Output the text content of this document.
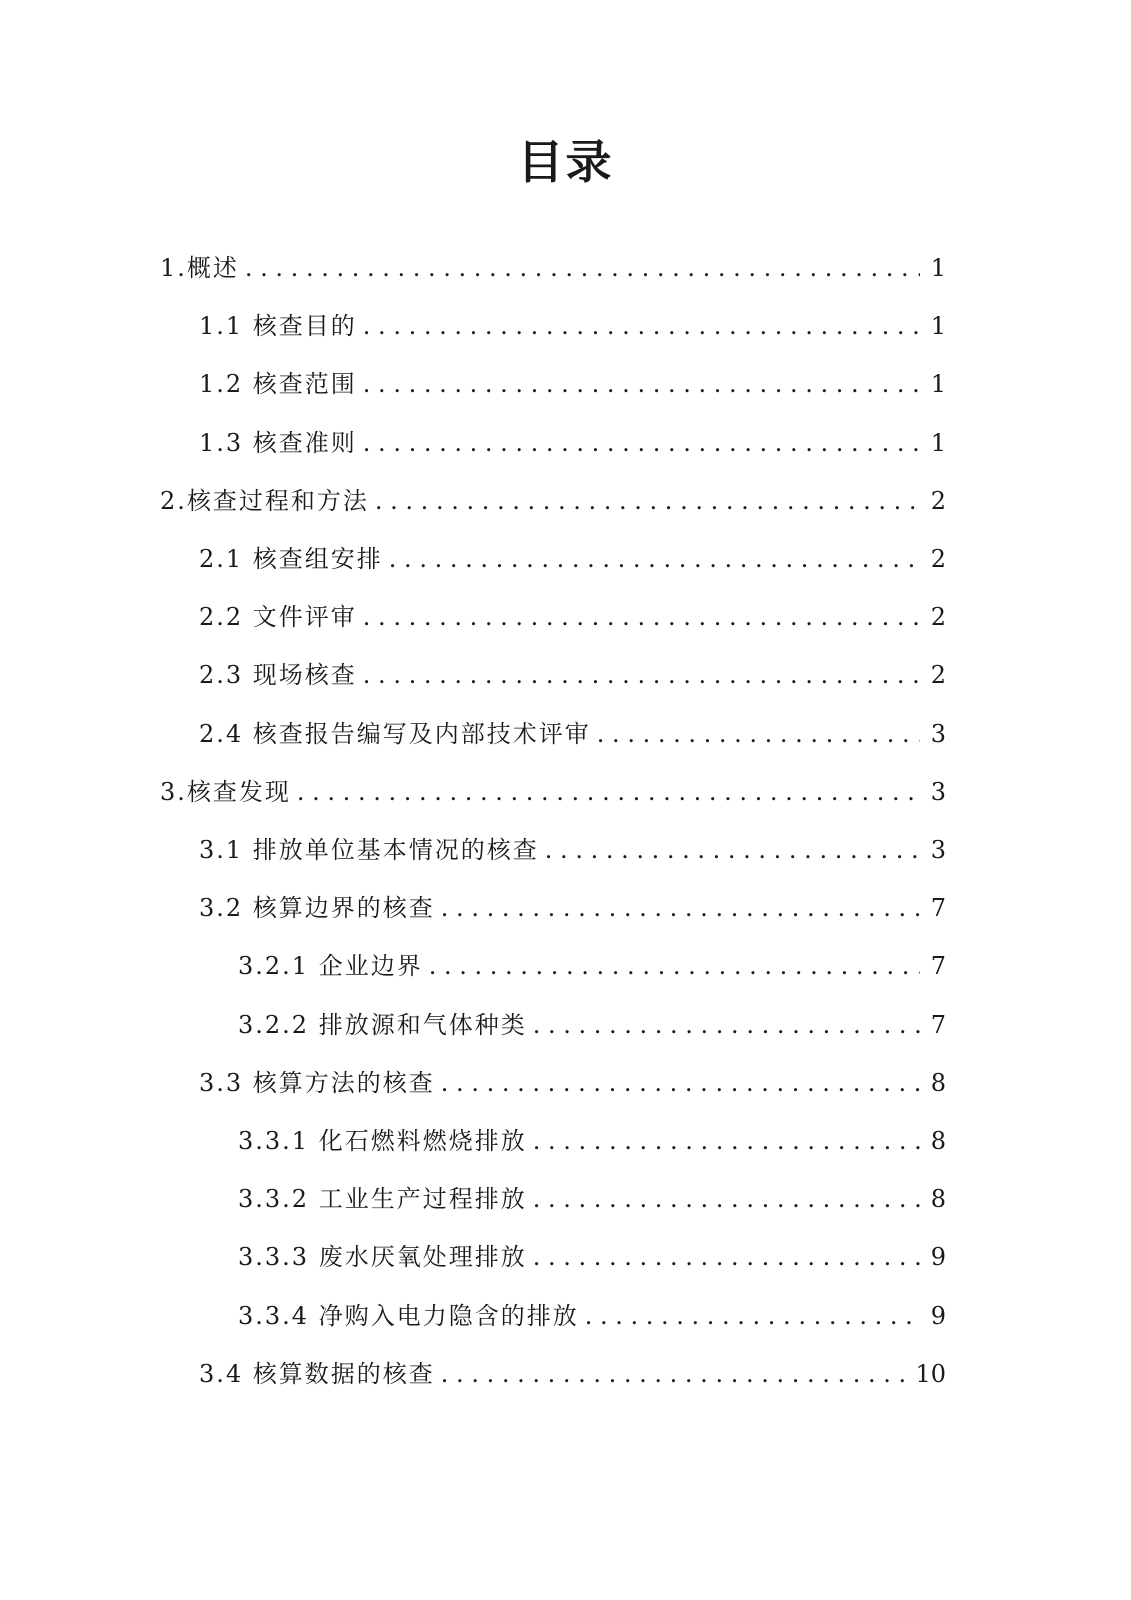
目录
1.概述 . . .	1
1.1 核查目的 . . .	1
1.2 核查范围 . . .	1
1.3 核查准则 . . .	1
2.核查过程和方法 . . .	2
2.1 核查组安排 . . .	2
2.2 文件评审 . . .	2
2.3 现场核查 . . .	2
2.4 核查报告编写及内部技术评审 . . .	3
3.核查发现 . . .	3
3.1 排放单位基本情况的核查 . . .	3
3.2 核算边界的核查 . . .	7
3.2.1 企业边界 . . .	7
3.2.2 排放源和气体种类 . . .	7
3.3 核算方法的核查 . . .	8
3.3.1 化石燃料燃烧排放 . . .	8
3.3.2 工业生产过程排放 . . .	8
3.3.3 废水厌氧处理排放 . . .	9
3.3.4 净购入电力隐含的排放 . . .	9
3.4 核算数据的核查 . . .	10
